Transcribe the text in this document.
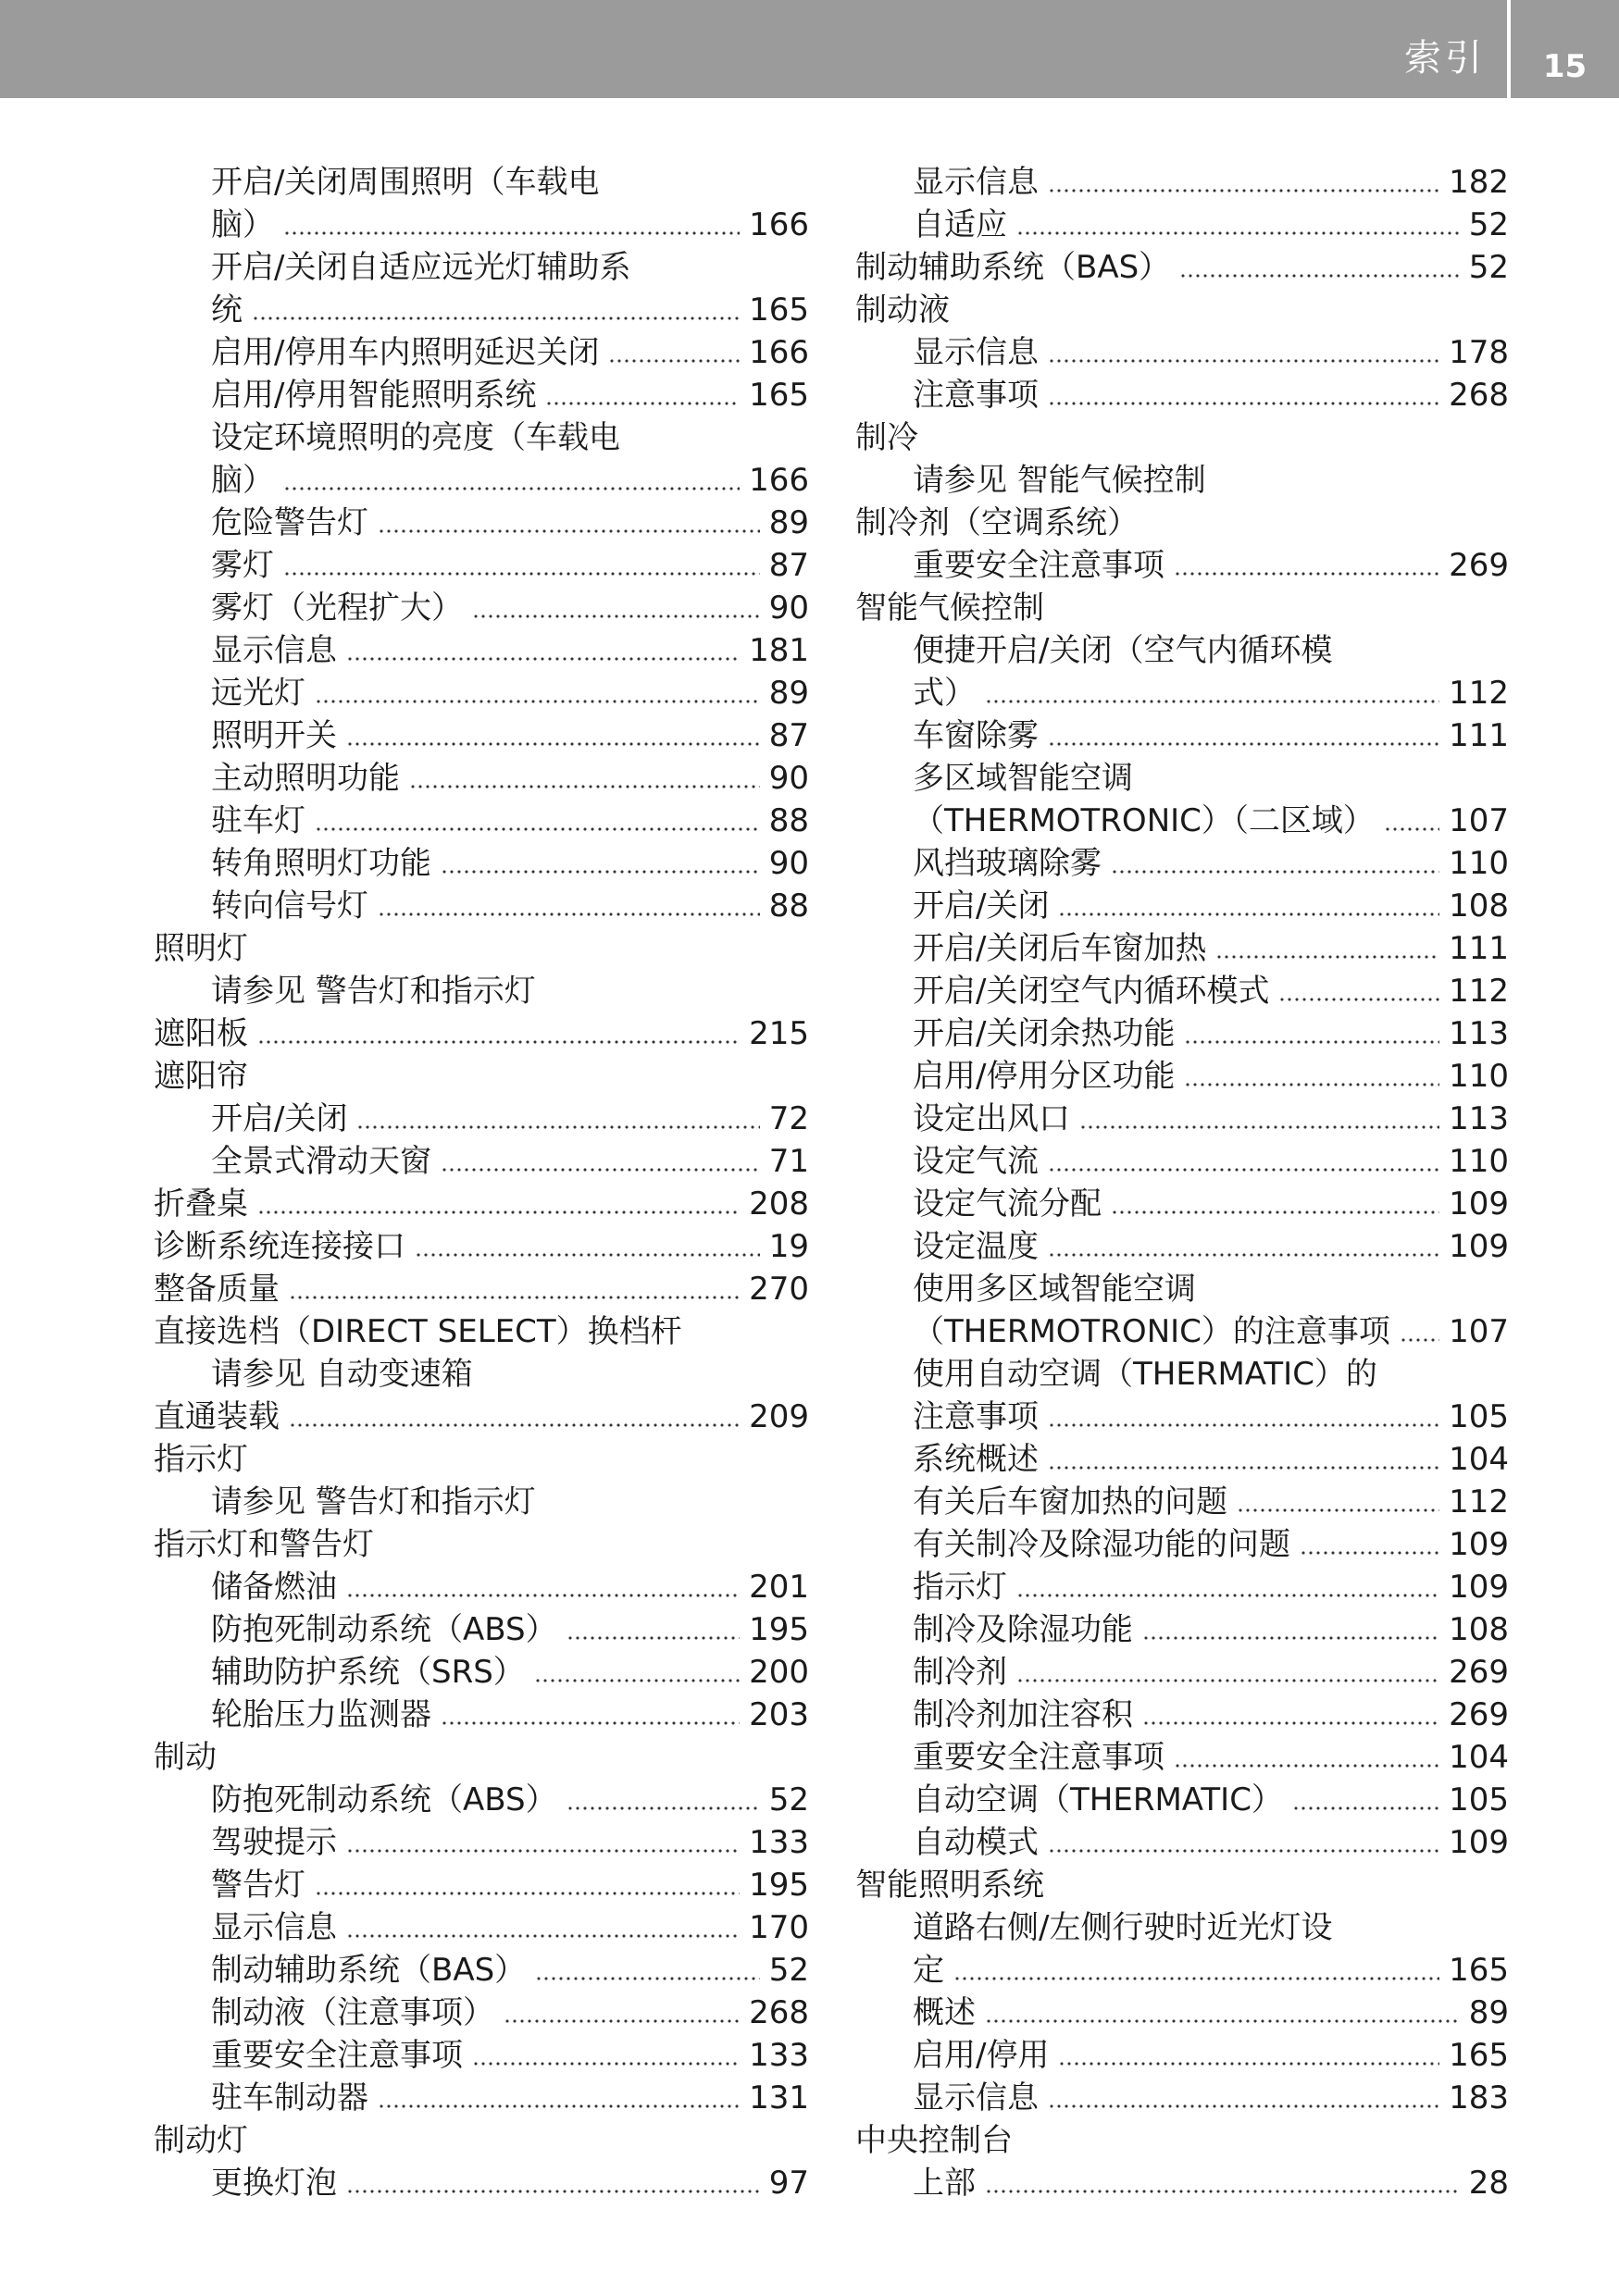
索引	15
开启/关闭周围照明（车载电
脑）	166
开启/关闭自适应远光灯辅助系
统	165
启用/停用车内照明延迟关闭	166
启用/停用智能照明系统	165
设定环境照明的亮度（车载电
脑）	166
危险警告灯	89
雾灯	87
雾灯（光程扩大）	90
显示信息	181
远光灯	89
照明开关	87
主动照明功能	90
驻车灯	88
转角照明灯功能	90
转向信号灯	88
照明灯
请参见 警告灯和指示灯
遮阳板	215
遮阳帘
开启/关闭	72
全景式滑动天窗	71
折叠桌	208
诊断系统连接接口	19
整备质量	270
直接选档（DIRECT SELECT）换档杆
请参见 自动变速箱
直通装载	209
指示灯
请参见 警告灯和指示灯
指示灯和警告灯
储备燃油	201
防抱死制动系统（ABS）	195
辅助防护系统（SRS）	200
轮胎压力监测器	203
制动
防抱死制动系统（ABS）	52
驾驶提示	133
警告灯	195
显示信息	170
制动辅助系统（BAS）	52
制动液（注意事项）	268
重要安全注意事项	133
驻车制动器	131
制动灯
更换灯泡	97
显示信息	182
自适应	52
制动辅助系统（BAS）	52
制动液
显示信息	178
注意事项	268
制冷
请参见 智能气候控制
制冷剂（空调系统）
重要安全注意事项	269
智能气候控制
便捷开启/关闭（空气内循环模
式）	112
车窗除雾	111
多区域智能空调
（THERMOTRONIC）（二区域） 107
风挡玻璃除雾	110
开启/关闭	108
开启/关闭后车窗加热	111
开启/关闭空气内循环模式	112
开启/关闭余热功能	113
启用/停用分区功能	110
设定出风口	113
设定气流	110
设定气流分配	109
设定温度	109
使用多区域智能空调
（THERMOTRONIC）的注意事项 107
使用自动空调（THERMATIC）的
注意事项	105
系统概述	104
有关后车窗加热的问题	112
有关制冷及除湿功能的问题	109
指示灯	109
制冷及除湿功能	108
制冷剂	269
制冷剂加注容积	269
重要安全注意事项	104
自动空调（THERMATIC）	105
自动模式	109
智能照明系统
道路右侧/左侧行驶时近光灯设
定	165
概述	89
启用/停用	165
显示信息	183
中央控制台
上部	28
